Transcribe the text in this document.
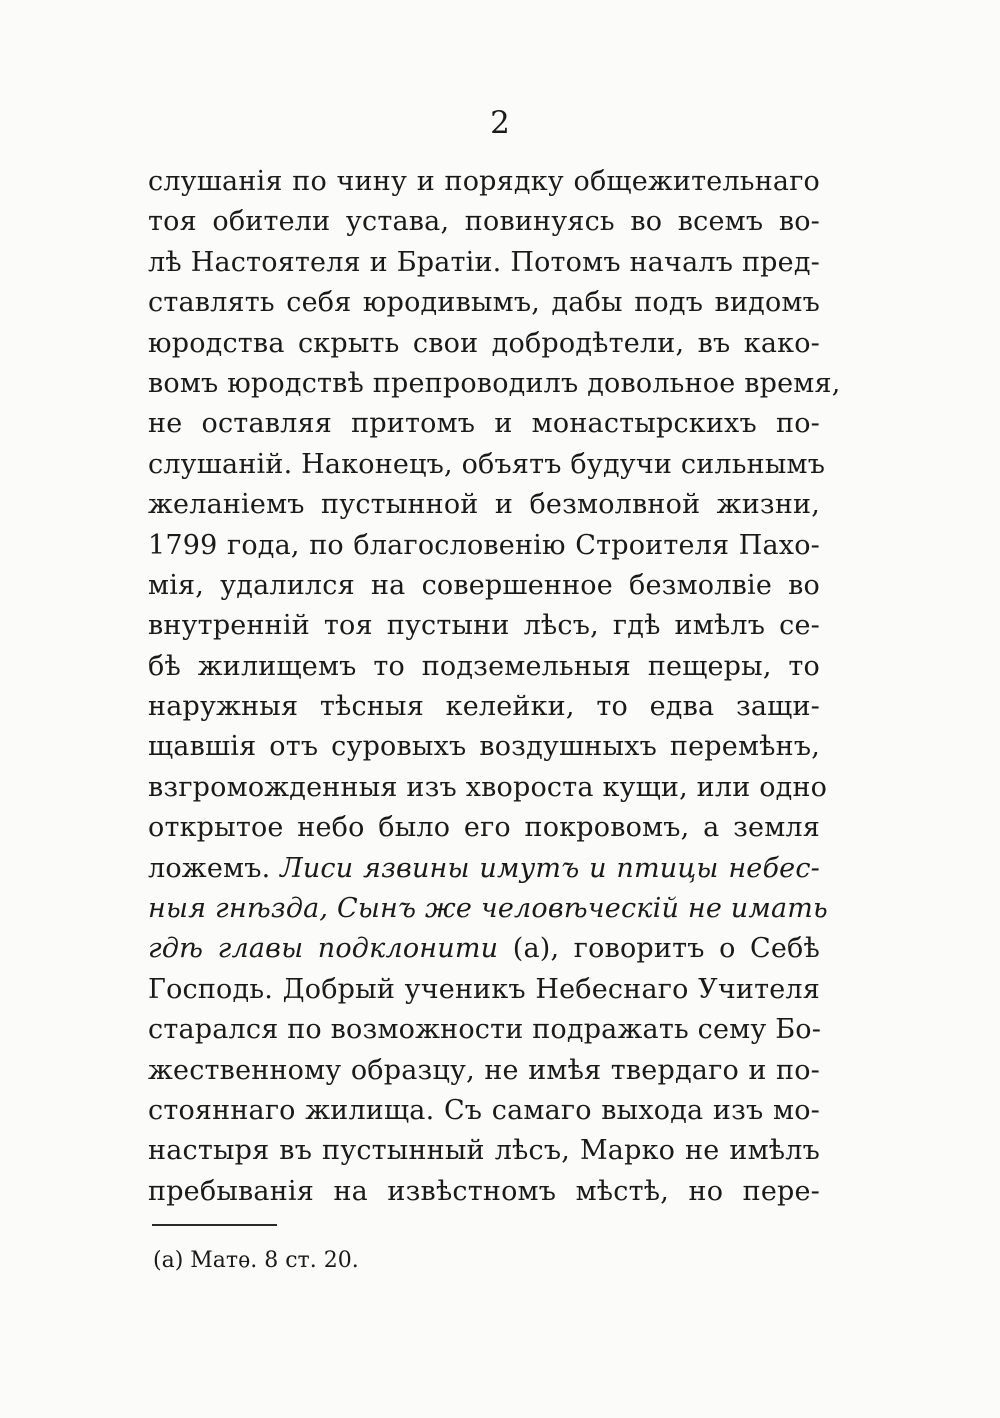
2
слушанія по чину и порядку общежительнаго
тоя обители устава, повинуясь во всемъ во-
лѣ Настоятеля и Братіи. Потомъ началъ пред-
ставлять себя юродивымъ, дабы подъ видомъ
юродства скрыть свои добродѣтели, въ како-
вомъ юродствѣ препроводилъ довольное время,
не оставляя притомъ и монастырскихъ по-
слушаній. Наконецъ, объятъ будучи сильнымъ
желаніемъ пустынной и безмолвной жизни,
1799 года, по благословенію Строителя Пахо-
мія, удалился на совершенное безмолвіе во
внутренній тоя пустыни лѣсъ, гдѣ имѣлъ се-
бѣ жилищемъ то подземельныя пещеры, то
наружныя тѣсныя келейки, то едва защи-
щавшія отъ суровыхъ воздушныхъ перемѣнъ,
взгроможденныя изъ хвороста кущи, или одно
открытое небо было его покровомъ, а земля
ложемъ. Лиси язвины имутъ и птицы небес-
ныя гнѣзда, Сынъ же человѣческій не имать
гдѣ главы подклонити (а), говоритъ о Себѣ
Господь. Добрый ученикъ Небеснаго Учителя
старался по возможности подражать сему Бо-
жественному образцу, не имѣя твердаго и по-
стояннаго жилища. Съ самаго выхода изъ мо-
настыря въ пустынный лѣсъ, Марко не имѣлъ
пребыванія на извѣстномъ мѣстѣ, но пере-
(а) Матѳ. 8 ст. 20.
